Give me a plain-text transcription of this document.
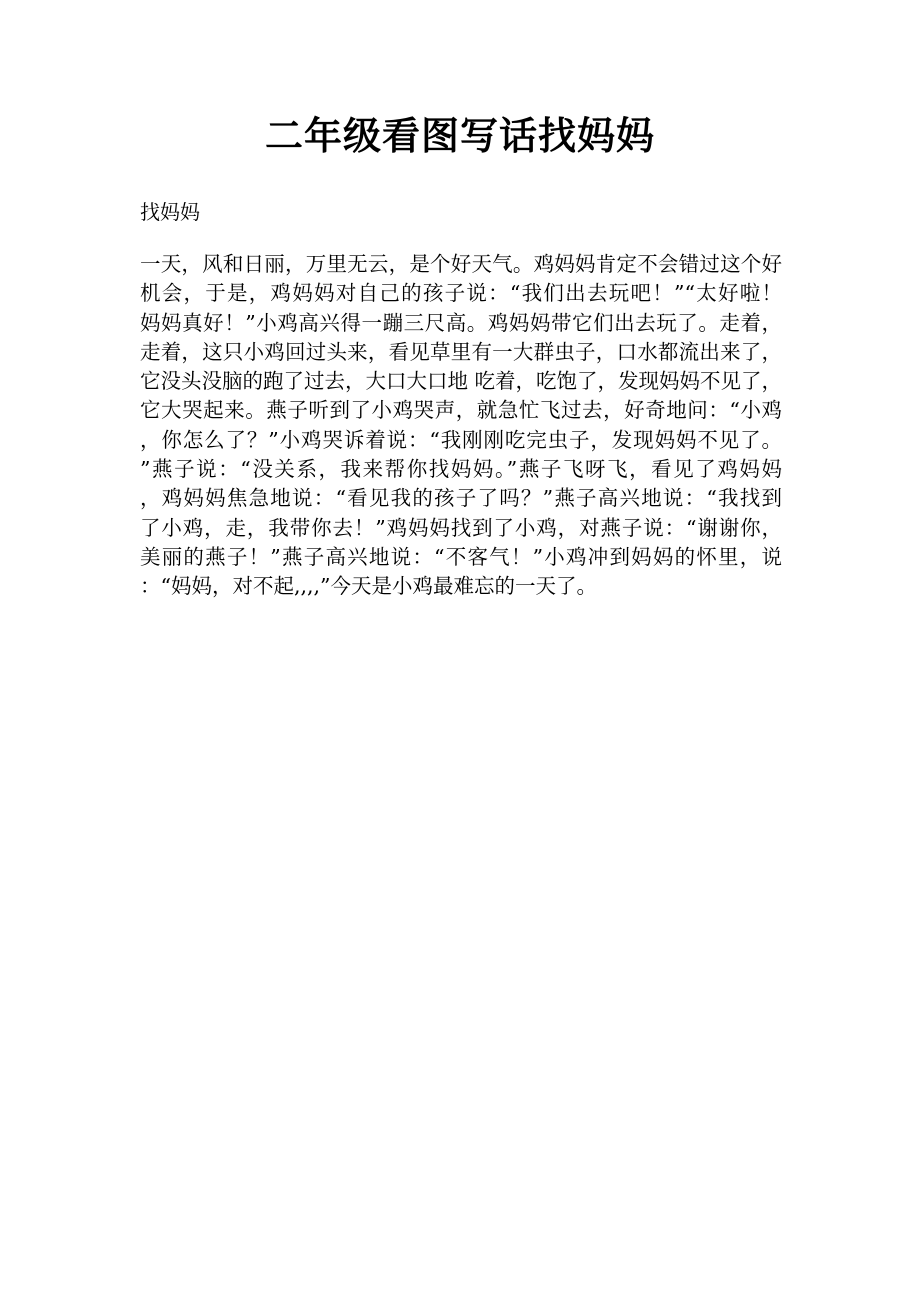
二年级看图写话找妈妈

找妈妈

一天，风和日丽，万里无云，是个好天气。鸡妈妈肯定不会错过这个好
机会，于是，鸡妈妈对自己的孩子说：“我们出去玩吧！”“太好啦！
妈妈真好！”小鸡高兴得一蹦三尺高。鸡妈妈带它们出去玩了。走着，
走着，这只小鸡回过头来，看见草里有一大群虫子，口水都流出来了，
它没头没脑的跑了过去，大口大口地 吃着，吃饱了，发现妈妈不见了，
它大哭起来。燕子听到了小鸡哭声，就急忙飞过去，好奇地问：“小鸡
，你怎么了？”小鸡哭诉着说：“我刚刚吃完虫子，发现妈妈不见了。
”燕子说：“没关系，我来帮你找妈妈。”燕子飞呀飞，看见了鸡妈妈
，鸡妈妈焦急地说：“看见我的孩子了吗？”燕子高兴地说：“我找到
了小鸡，走，我带你去！”鸡妈妈找到了小鸡，对燕子说：“谢谢你，
美丽的燕子！”燕子高兴地说：“不客气！”小鸡冲到妈妈的怀里，说
：“妈妈，对不起,,,,”今天是小鸡最难忘的一天了。
